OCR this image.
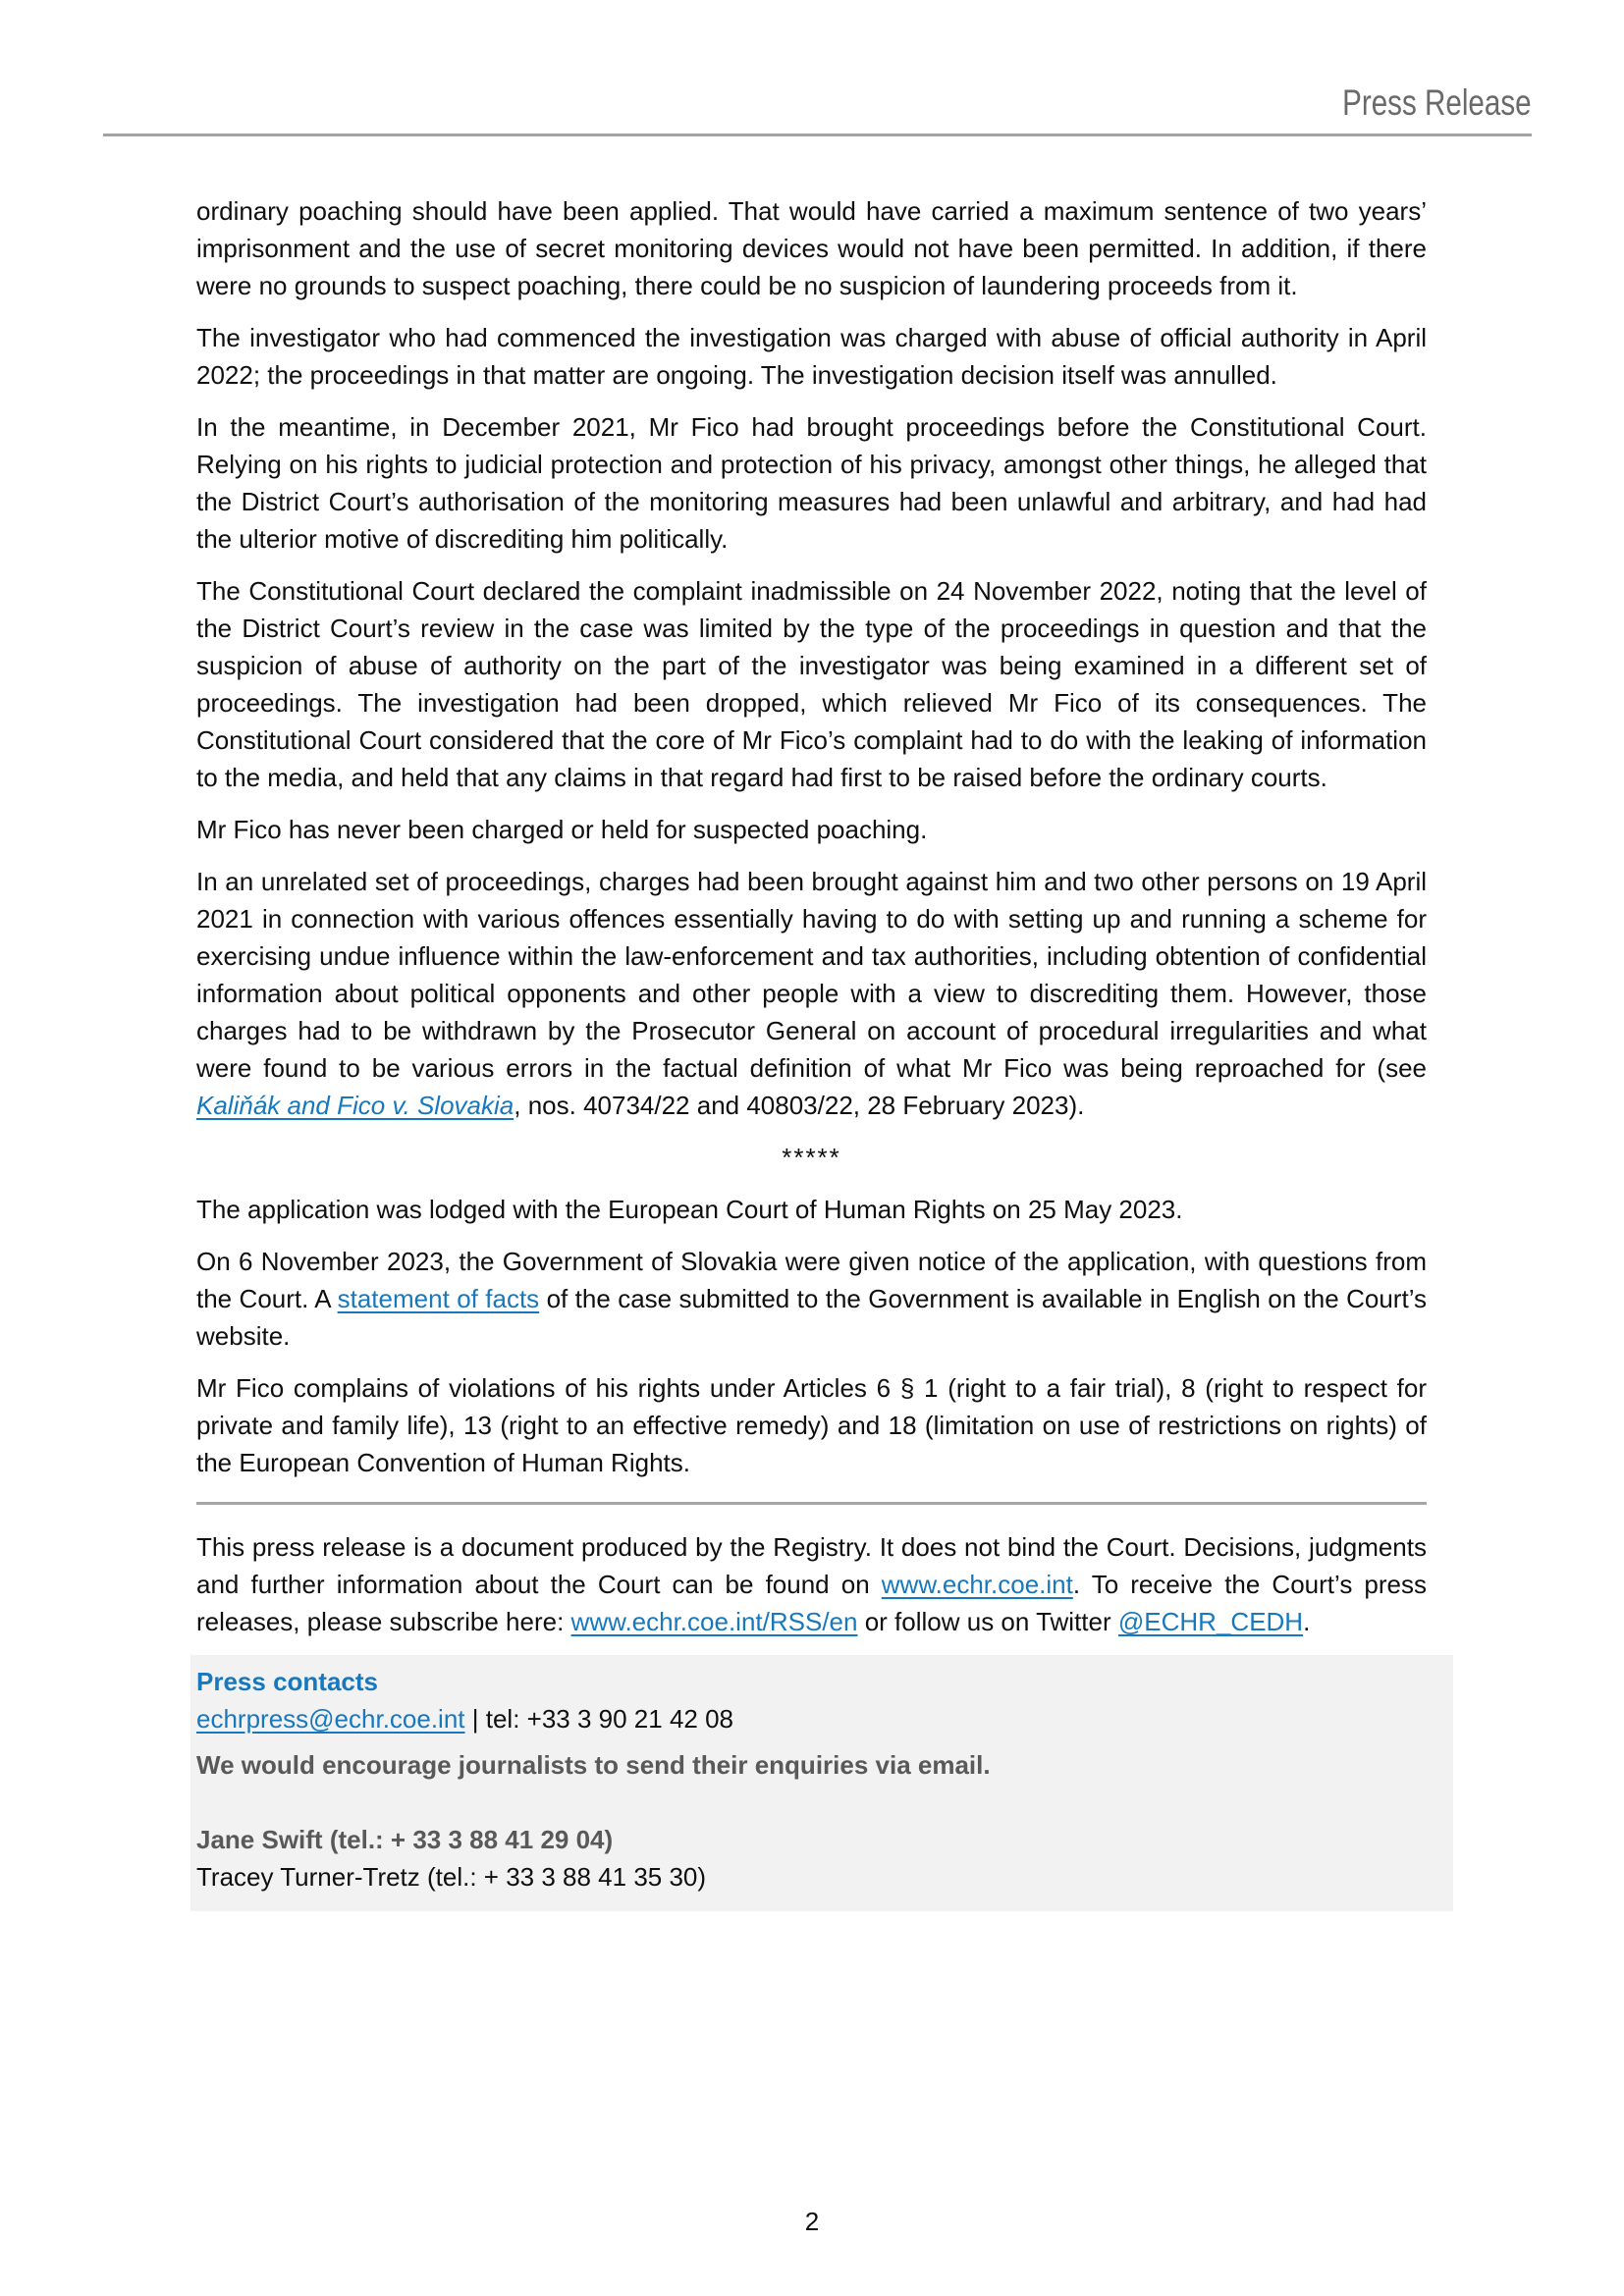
Press Release

ordinary poaching should have been applied. That would have carried a maximum sentence of two years’ imprisonment and the use of secret monitoring devices would not have been permitted. In addition, if there were no grounds to suspect poaching, there could be no suspicion of laundering proceeds from it.

The investigator who had commenced the investigation was charged with abuse of official authority in April 2022; the proceedings in that matter are ongoing. The investigation decision itself was annulled.

In the meantime, in December 2021, Mr Fico had brought proceedings before the Constitutional Court. Relying on his rights to judicial protection and protection of his privacy, amongst other things, he alleged that the District Court’s authorisation of the monitoring measures had been unlawful and arbitrary, and had had the ulterior motive of discrediting him politically.

The Constitutional Court declared the complaint inadmissible on 24 November 2022, noting that the level of the District Court’s review in the case was limited by the type of the proceedings in question and that the suspicion of abuse of authority on the part of the investigator was being examined in a different set of proceedings. The investigation had been dropped, which relieved Mr Fico of its consequences. The Constitutional Court considered that the core of Mr Fico’s complaint had to do with the leaking of information to the media, and held that any claims in that regard had first to be raised before the ordinary courts.

Mr Fico has never been charged or held for suspected poaching.

In an unrelated set of proceedings, charges had been brought against him and two other persons on 19 April 2021 in connection with various offences essentially having to do with setting up and running a scheme for exercising undue influence within the law-enforcement and tax authorities, including obtention of confidential information about political opponents and other people with a view to discrediting them. However, those charges had to be withdrawn by the Prosecutor General on account of procedural irregularities and what were found to be various errors in the factual definition of what Mr Fico was being reproached for (see Kaliňák and Fico v. Slovakia, nos. 40734/22 and 40803/22, 28 February 2023).

*****

The application was lodged with the European Court of Human Rights on 25 May 2023.

On 6 November 2023, the Government of Slovakia were given notice of the application, with questions from the Court. A statement of facts of the case submitted to the Government is available in English on the Court’s website.

Mr Fico complains of violations of his rights under Articles 6 § 1 (right to a fair trial), 8 (right to respect for private and family life), 13 (right to an effective remedy) and 18 (limitation on use of restrictions on rights) of the European Convention of Human Rights.

This press release is a document produced by the Registry. It does not bind the Court. Decisions, judgments and further information about the Court can be found on www.echr.coe.int. To receive the Court’s press releases, please subscribe here: www.echr.coe.int/RSS/en or follow us on Twitter @ECHR_CEDH.

Press contacts

echrpress@echr.coe.int | tel: +33 3 90 21 42 08

We would encourage journalists to send their enquiries via email.

Jane Swift (tel.: + 33 3 88 41 29 04)
Tracey Turner-Tretz (tel.: + 33 3 88 41 35 30)
2
